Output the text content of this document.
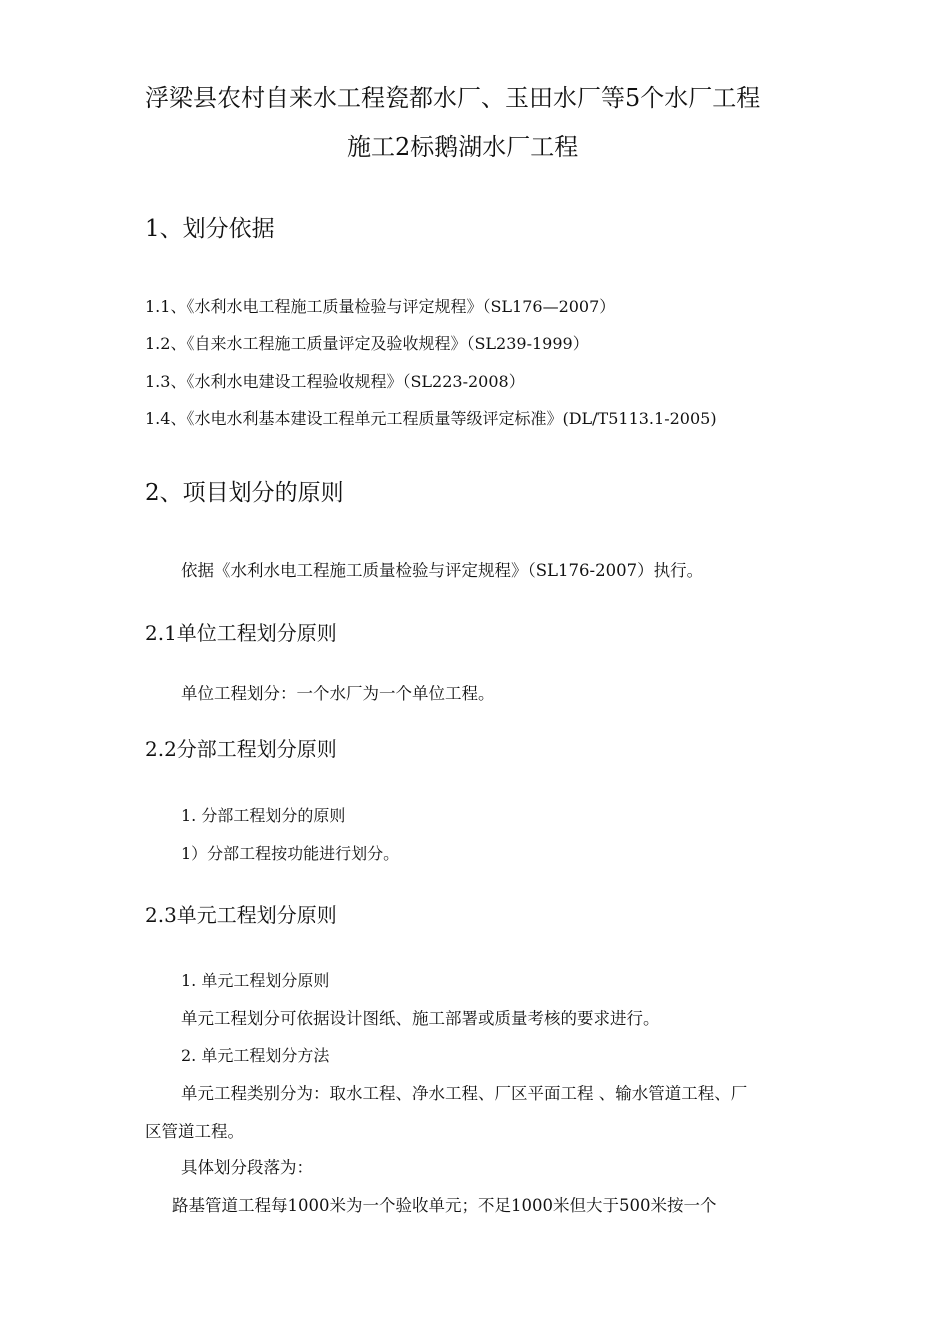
浮梁县农村自来水工程瓷都水厂、玉田水厂等5个水厂工程
施工2标鹅湖水厂工程
1、划分依据
1.1、《水利水电工程施工质量检验与评定规程》（SL176—2007）
1.2、《自来水工程施工质量评定及验收规程》（SL239-1999）
1.3、《水利水电建设工程验收规程》（SL223-2008）
1.4、《水电水利基本建设工程单元工程质量等级评定标准》(DL/T5113.1-2005)
2、项目划分的原则
依据《水利水电工程施工质量检验与评定规程》（SL176-2007）执行。
2.1单位工程划分原则
单位工程划分：一个水厂为一个单位工程。
2.2分部工程划分原则
1. 分部工程划分的原则
1）分部工程按功能进行划分。
2.3单元工程划分原则
1. 单元工程划分原则
单元工程划分可依据设计图纸、施工部署或质量考核的要求进行。
2. 单元工程划分方法
单元工程类别分为：取水工程、净水工程、厂区平面工程 、输水管道工程、厂
区管道工程。
具体划分段落为：
路基管道工程每1000米为一个验收单元；不足1000米但大于500米按一个
